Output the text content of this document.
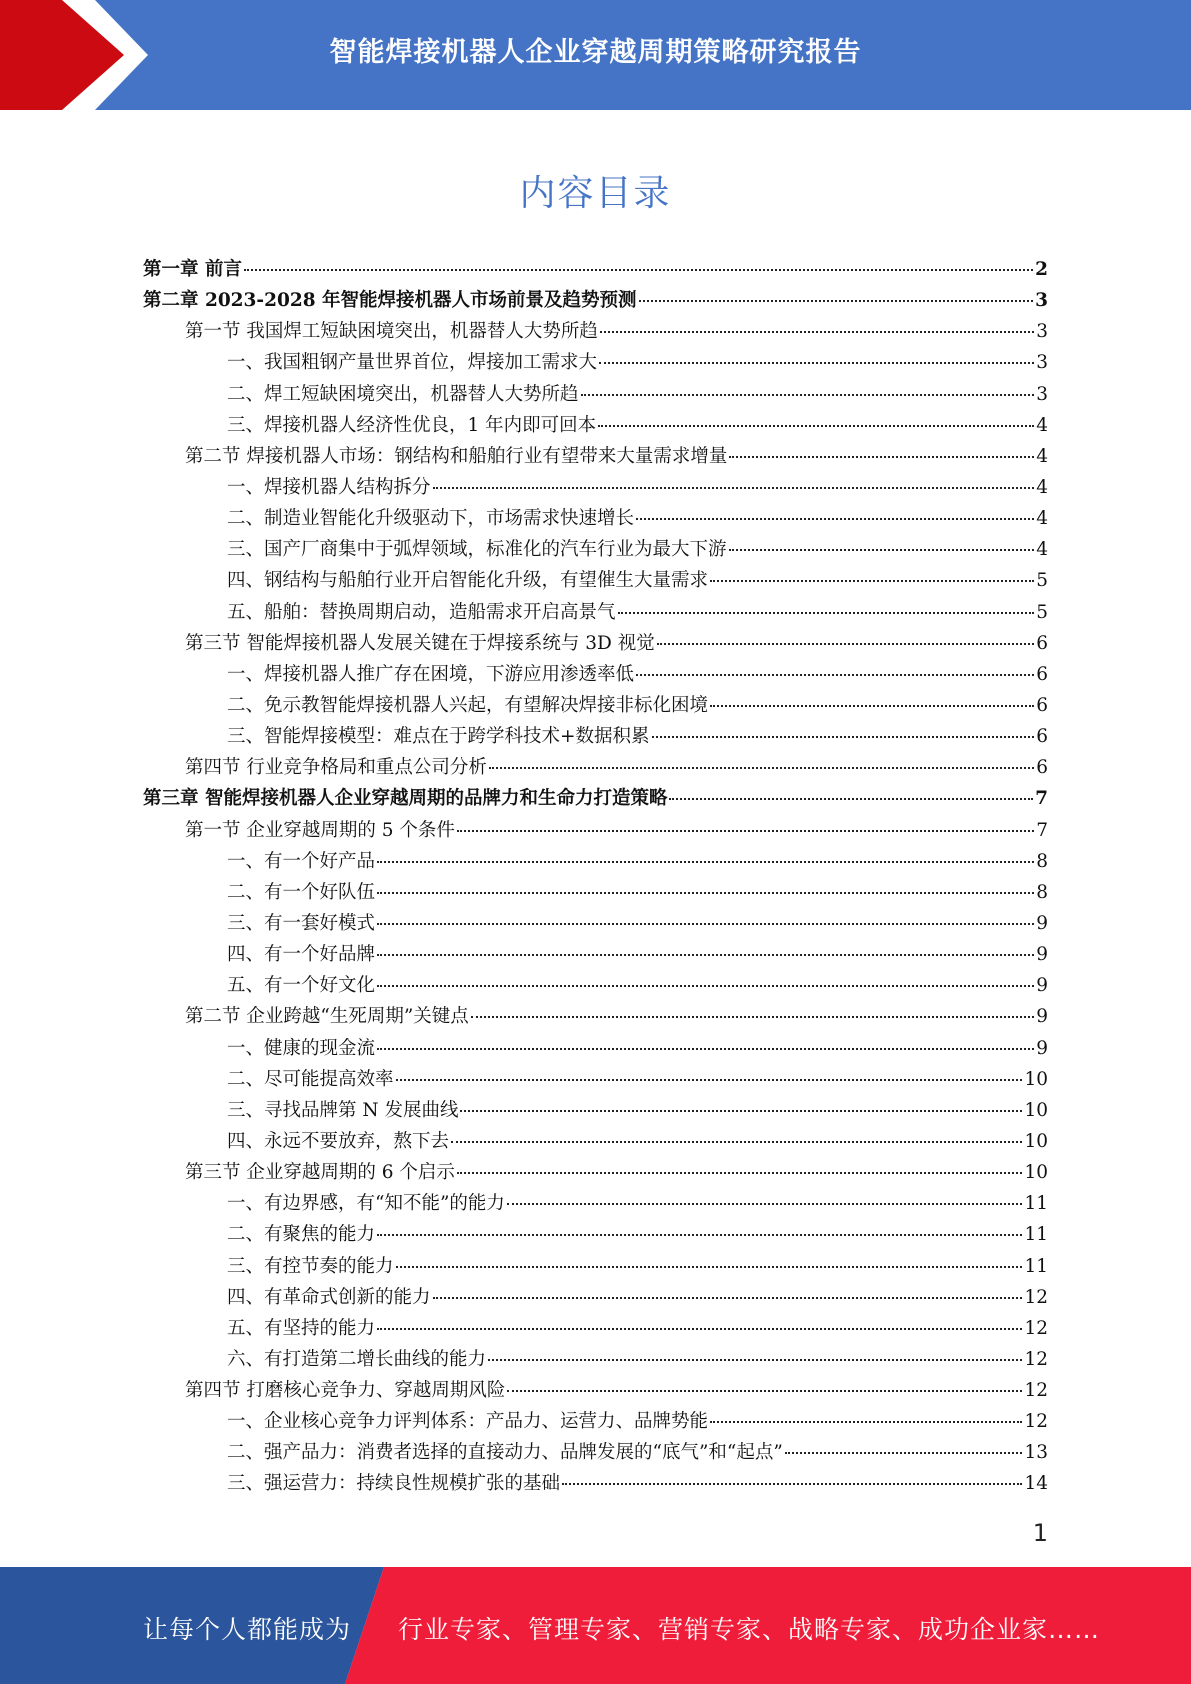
智能焊接机器人企业穿越周期策略研究报告
内容目录
第一章 前言	2
第二章 2023-2028 年智能焊接机器人市场前景及趋势预测	3
第一节 我国焊工短缺困境突出，机器替人大势所趋	3
一、我国粗钢产量世界首位，焊接加工需求大	3
二、焊工短缺困境突出，机器替人大势所趋	3
三、焊接机器人经济性优良，1 年内即可回本	4
第二节 焊接机器人市场：钢结构和船舶行业有望带来大量需求增量	4
一、焊接机器人结构拆分	4
二、制造业智能化升级驱动下，市场需求快速增长	4
三、国产厂商集中于弧焊领域，标准化的汽车行业为最大下游	4
四、钢结构与船舶行业开启智能化升级，有望催生大量需求	5
五、船舶：替换周期启动，造船需求开启高景气	5
第三节 智能焊接机器人发展关键在于焊接系统与 3D 视觉	6
一、焊接机器人推广存在困境，下游应用渗透率低	6
二、免示教智能焊接机器人兴起，有望解决焊接非标化困境	6
三、智能焊接模型：难点在于跨学科技术+数据积累	6
第四节 行业竞争格局和重点公司分析	6
第三章 智能焊接机器人企业穿越周期的品牌力和生命力打造策略	7
第一节 企业穿越周期的 5 个条件	7
一、有一个好产品	8
二、有一个好队伍	8
三、有一套好模式	9
四、有一个好品牌	9
五、有一个好文化	9
第二节 企业跨越“生死周期”关键点	9
一、健康的现金流	9
二、尽可能提高效率	10
三、寻找品牌第 N 发展曲线	10
四、永远不要放弃，熬下去	10
第三节 企业穿越周期的 6 个启示	10
一、有边界感，有“知不能”的能力	11
二、有聚焦的能力	11
三、有控节奏的能力	11
四、有革命式创新的能力	12
五、有坚持的能力	12
六、有打造第二增长曲线的能力	12
第四节 打磨核心竞争力、穿越周期风险	12
一、企业核心竞争力评判体系：产品力、运营力、品牌势能	12
二、强产品力：消费者选择的直接动力、品牌发展的“底气”和“起点”	13
三、强运营力：持续良性规模扩张的基础	14
1
让每个人都能成为 行业专家、管理专家、营销专家、战略专家、成功企业家……
